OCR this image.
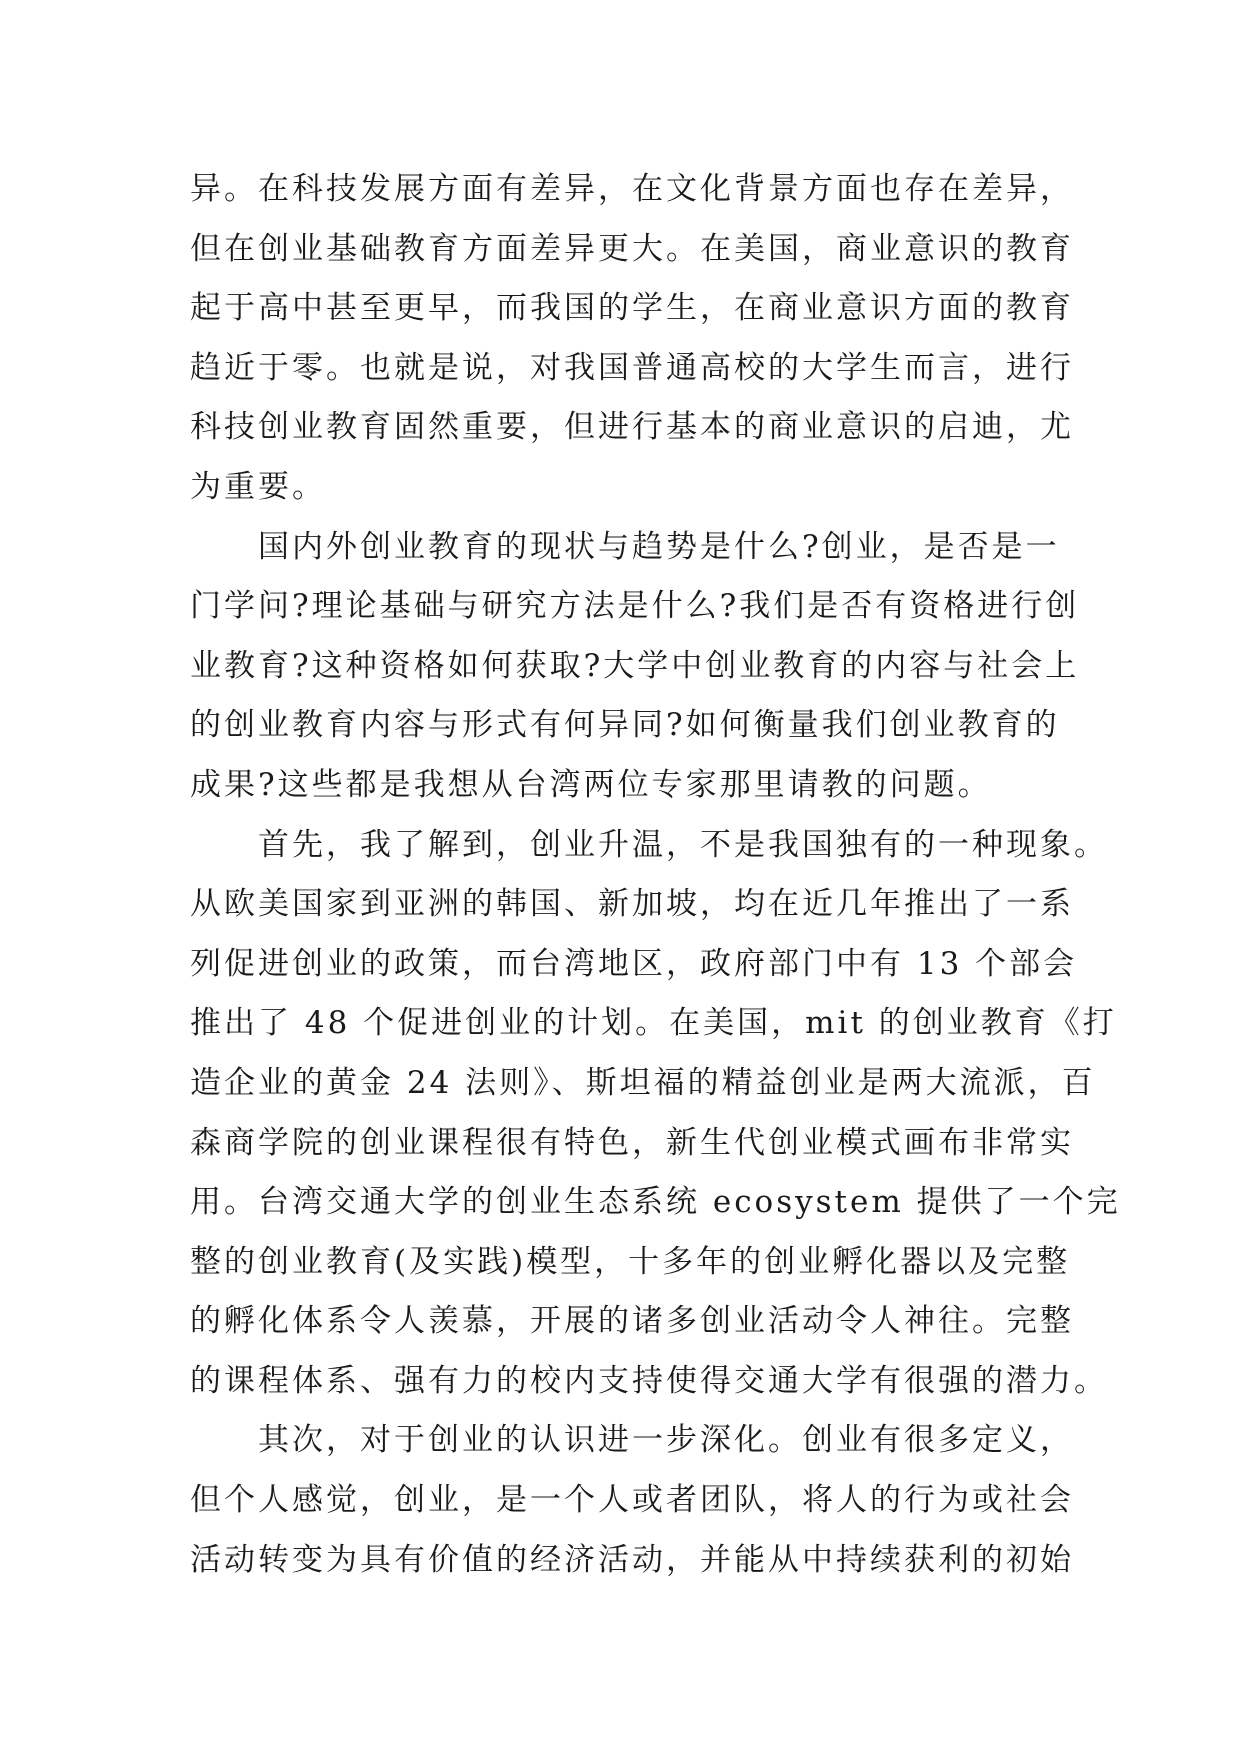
异。在科技发展方面有差异，在文化背景方面也存在差异，
但在创业基础教育方面差异更大。在美国，商业意识的教育
起于高中甚至更早，而我国的学生，在商业意识方面的教育
趋近于零。也就是说，对我国普通高校的大学生而言，进行
科技创业教育固然重要，但进行基本的商业意识的启迪，尤
为重要。
国内外创业教育的现状与趋势是什么?创业，是否是一
门学问?理论基础与研究方法是什么?我们是否有资格进行创
业教育?这种资格如何获取?大学中创业教育的内容与社会上
的创业教育内容与形式有何异同?如何衡量我们创业教育的
成果?这些都是我想从台湾两位专家那里请教的问题。
首先，我了解到，创业升温，不是我国独有的一种现象。
从欧美国家到亚洲的韩国、新加坡，均在近几年推出了一系
列促进创业的政策，而台湾地区，政府部门中有 13 个部会
推出了 48 个促进创业的计划。在美国，mit 的创业教育《打
造企业的黄金 24 法则》、斯坦福的精益创业是两大流派，百
森商学院的创业课程很有特色，新生代创业模式画布非常实
用。台湾交通大学的创业生态系统 ecosystem 提供了一个完
整的创业教育(及实践)模型，十多年的创业孵化器以及完整
的孵化体系令人羡慕，开展的诸多创业活动令人神往。完整
的课程体系、强有力的校内支持使得交通大学有很强的潜力。
其次，对于创业的认识进一步深化。创业有很多定义，
但个人感觉，创业，是一个人或者团队，将人的行为或社会
活动转变为具有价值的经济活动，并能从中持续获利的初始
